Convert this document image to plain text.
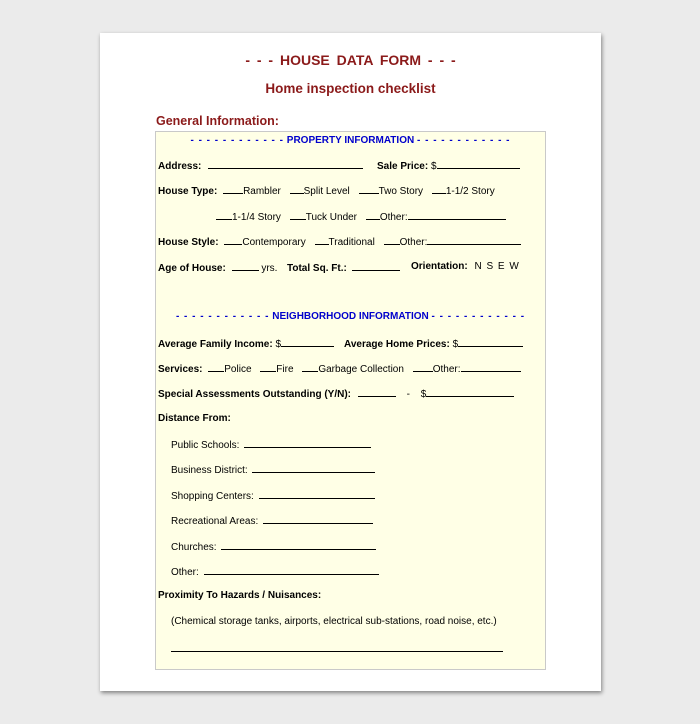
- - - HOUSE DATA FORM - - -
Home inspection checklist
General Information:
- - - - - - - - - - - - PROPERTY INFORMATION - - - - - - - - - - - -
Address:	Sale Price: $
House Type:	Rambler Split Level	Two Story 1-1/2 Story
1-1/4 Story Tuck Under Other:
House Style: Contemporary Traditional Other:
Age of House:	yrs. Total Sq. Ft.:	Orientation: N S E W
- - - - - - - - - - - - NEIGHBORHOOD INFORMATION - - - - - - - - - - - -
Average Family Income: $	Average Home Prices: $
Services: Police Fire Garbage Collection	Other:
Special Assessments Outstanding (Y/N):	- $
Distance From:
Public Schools:
Business District:
Shopping Centers:
Recreational Areas:
Churches:
Other:
Proximity To Hazards / Nuisances:
(Chemical storage tanks, airports, electrical sub-stations, road noise, etc.)
